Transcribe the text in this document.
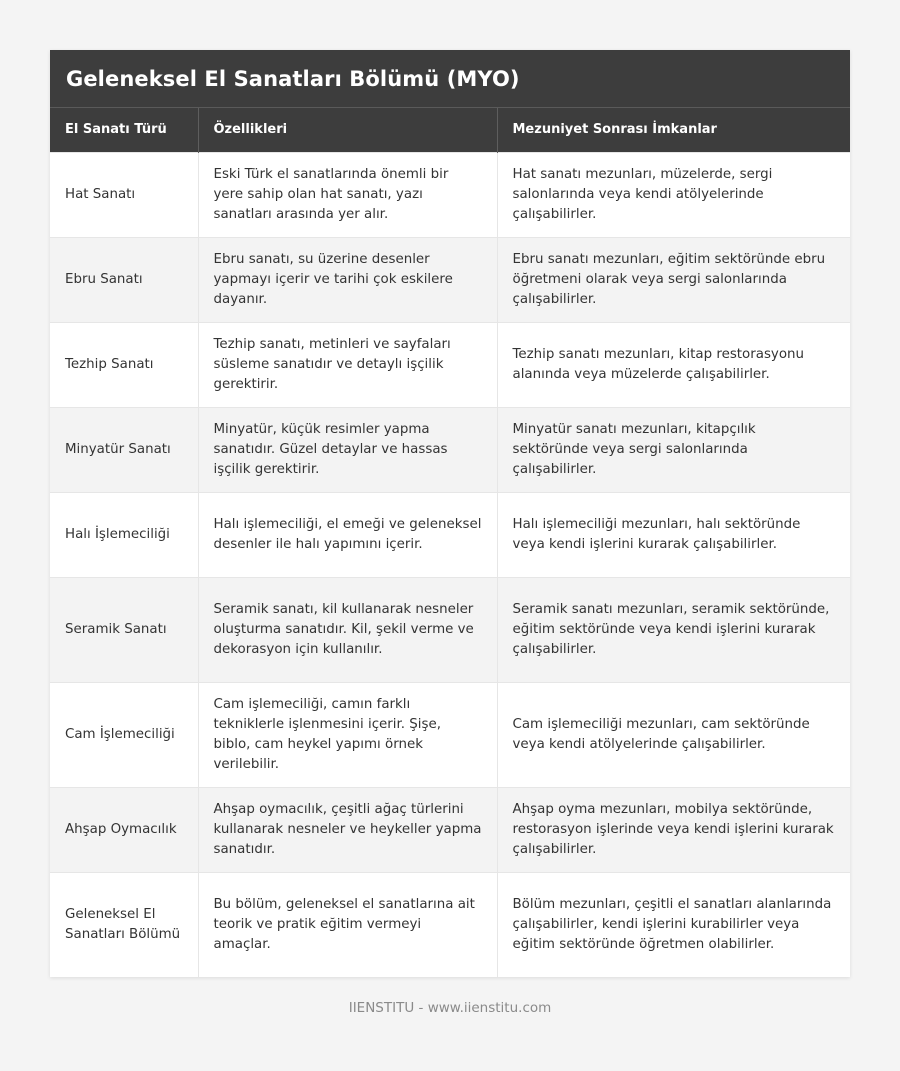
Geleneksel El Sanatları Bölümü (MYO)
El Sanatı Türü	Özellikleri	Mezuniyet Sonrası İmkanlar
Hat Sanatı	Eski Türk el sanatlarında önemli bir yere sahip olan hat sanatı, yazı sanatları arasında yer alır.	Hat sanatı mezunları, müzelerde, sergi salonlarında veya kendi atölyelerinde çalışabilirler.
Ebru Sanatı	Ebru sanatı, su üzerine desenler yapmayı içerir ve tarihi çok eskilere dayanır.	Ebru sanatı mezunları, eğitim sektöründe ebru öğretmeni olarak veya sergi salonlarında çalışabilirler.
Tezhip Sanatı	Tezhip sanatı, metinleri ve sayfaları süsleme sanatıdır ve detaylı işçilik gerektirir.	Tezhip sanatı mezunları, kitap restorasyonu alanında veya müzelerde çalışabilirler.
Minyatür Sanatı	Minyatür, küçük resimler yapma sanatıdır. Güzel detaylar ve hassas işçilik gerektirir.	Minyatür sanatı mezunları, kitapçılık sektöründe veya sergi salonlarında çalışabilirler.
Halı İşlemeciliği	Halı işlemeciliği, el emeği ve geleneksel desenler ile halı yapımını içerir.	Halı işlemeciliği mezunları, halı sektöründe veya kendi işlerini kurarak çalışabilirler.
Seramik Sanatı	Seramik sanatı, kil kullanarak nesneler oluşturma sanatıdır. Kil, şekil verme ve dekorasyon için kullanılır.	Seramik sanatı mezunları, seramik sektöründe, eğitim sektöründe veya kendi işlerini kurarak çalışabilirler.
Cam İşlemeciliği	Cam işlemeciliği, camın farklı tekniklerle işlenmesini içerir. Şişe, biblo, cam heykel yapımı örnek verilebilir.	Cam işlemeciliği mezunları, cam sektöründe veya kendi atölyelerinde çalışabilirler.
Ahşap Oymacılık	Ahşap oymacılık, çeşitli ağaç türlerini kullanarak nesneler ve heykeller yapma sanatıdır.	Ahşap oyma mezunları, mobilya sektöründe, restorasyon işlerinde veya kendi işlerini kurarak çalışabilirler.
Geleneksel El Sanatları Bölümü	Bu bölüm, geleneksel el sanatlarına ait teorik ve pratik eğitim vermeyi amaçlar.	Bölüm mezunları, çeşitli el sanatları alanlarında çalışabilirler, kendi işlerini kurabilirler veya eğitim sektöründe öğretmen olabilirler.
IIENSTITU - www.iienstitu.com
